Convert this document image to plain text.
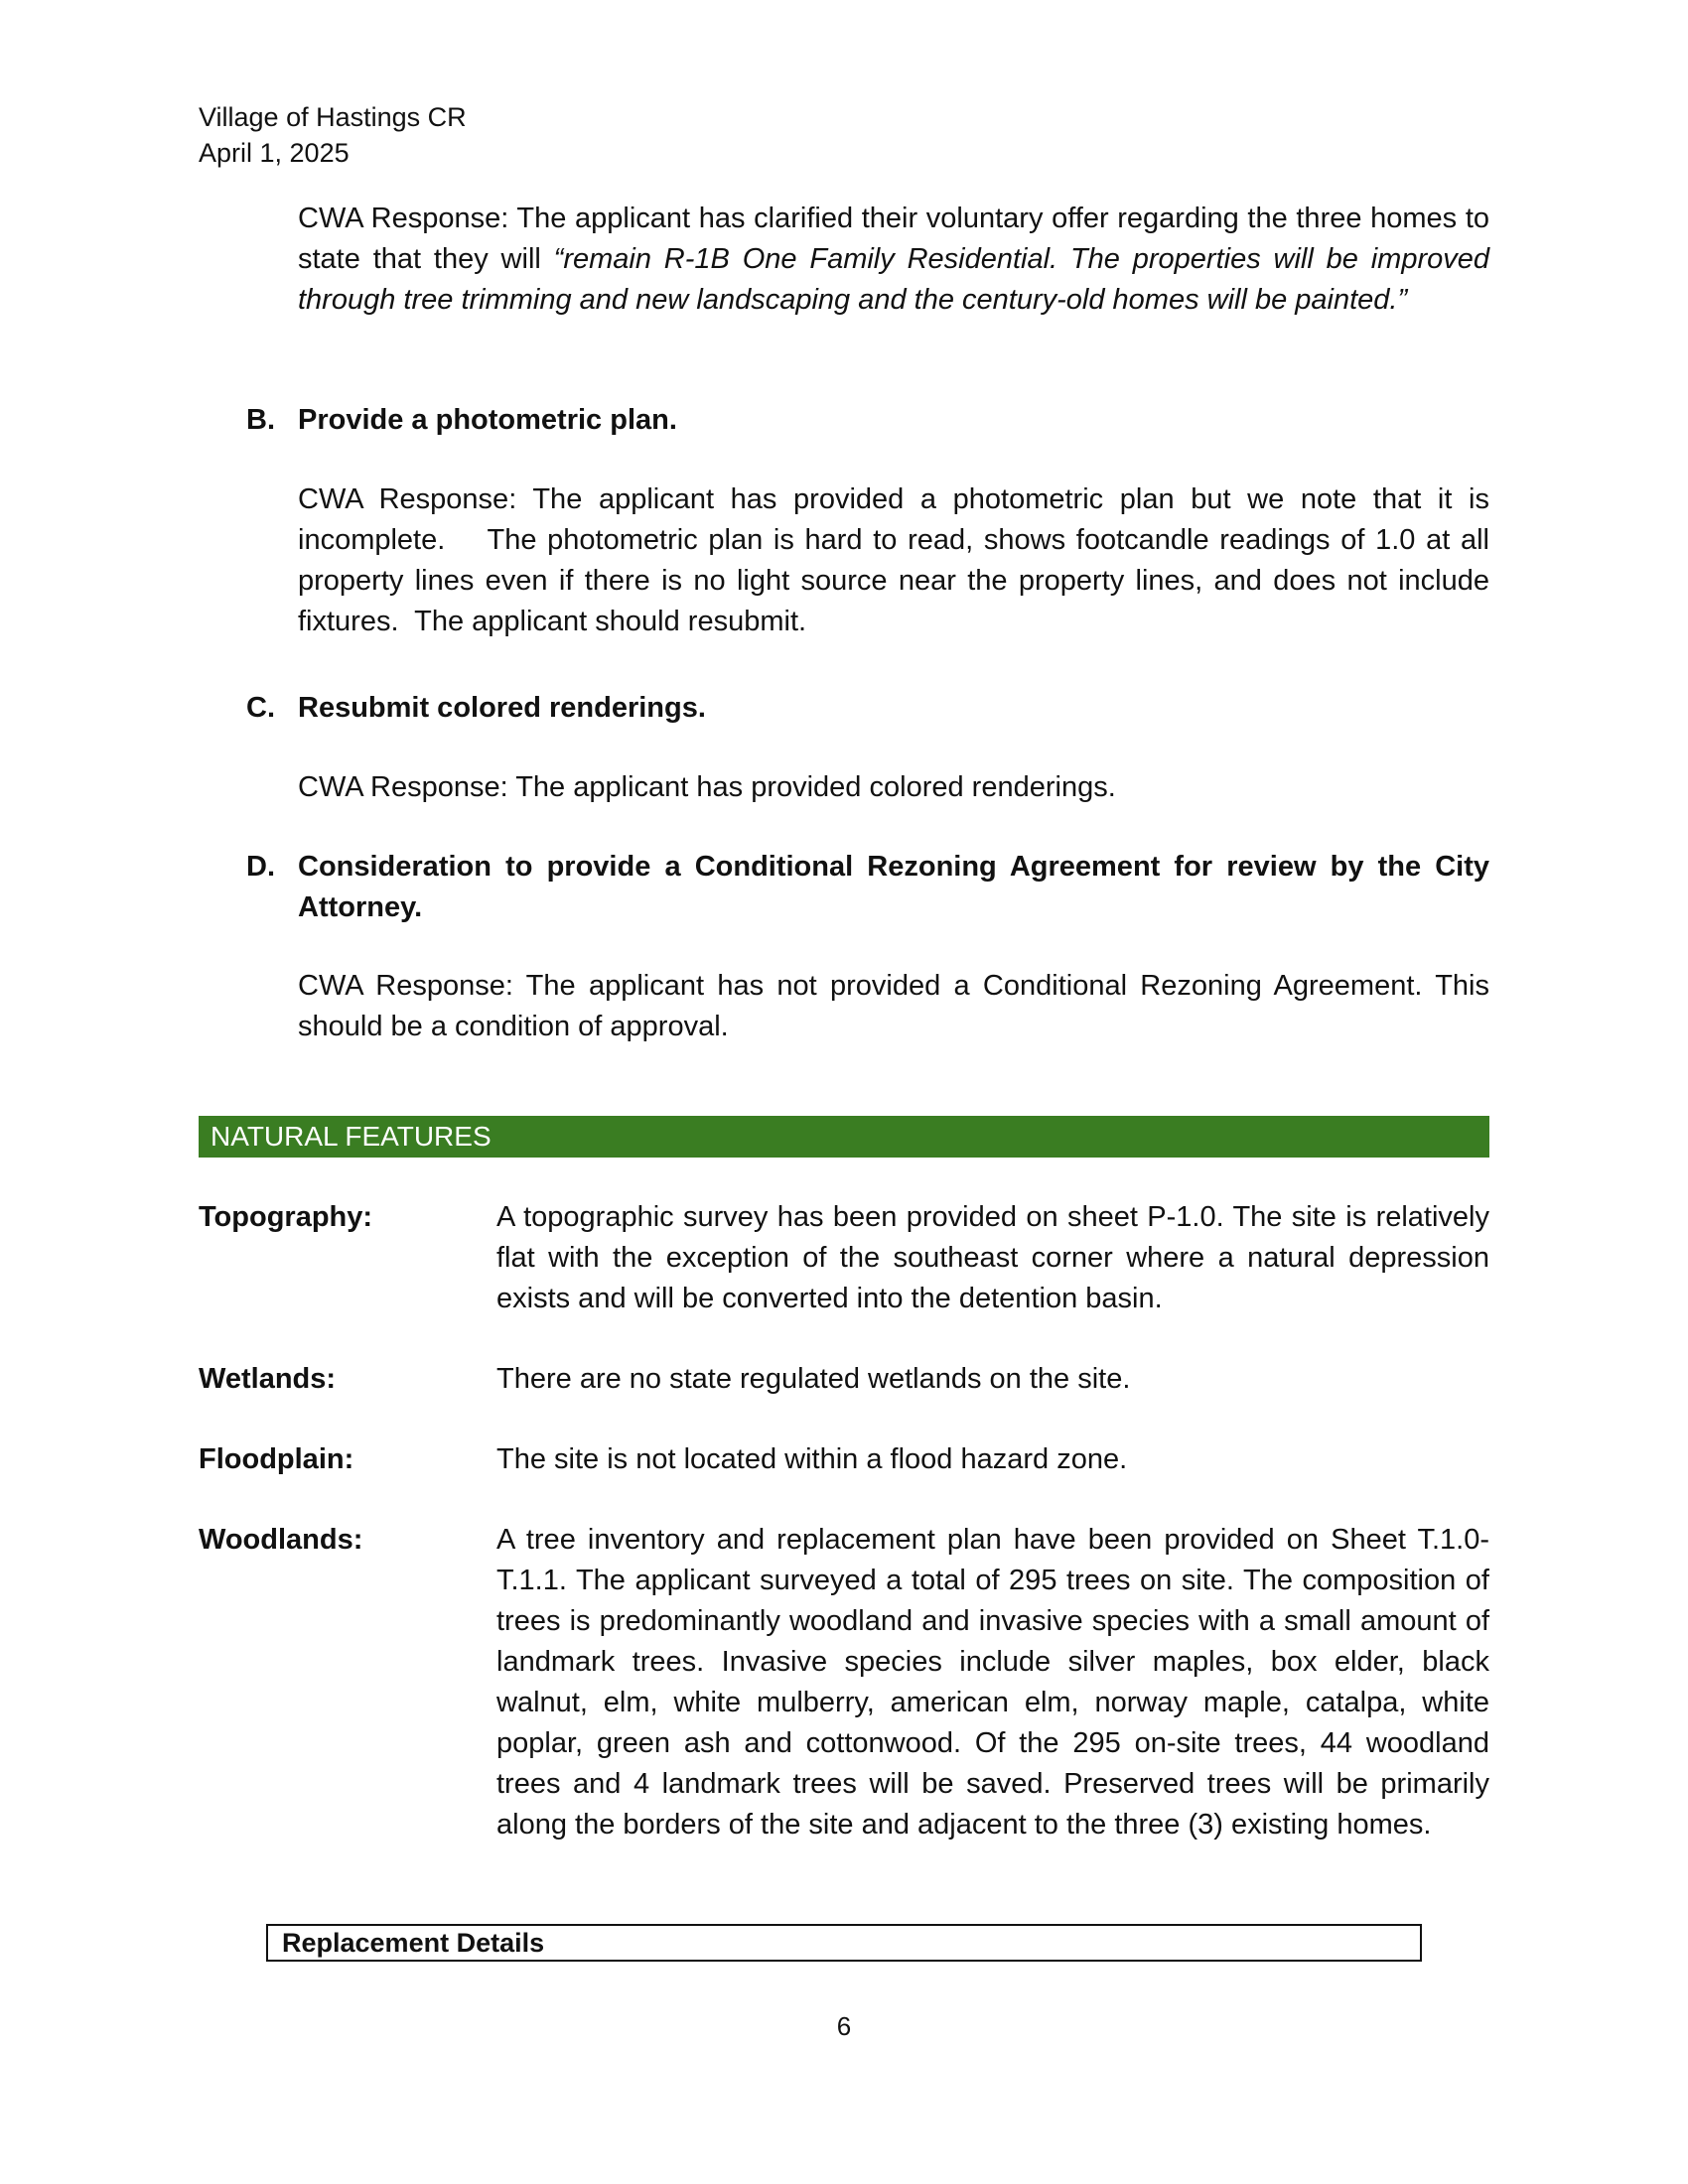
Village of Hastings CR
April 1, 2025

CWA Response: The applicant has clarified their voluntary offer regarding the three homes to state that they will “remain R-1B One Family Residential. The properties will be improved through tree trimming and new landscaping and the century-old homes will be painted.”

B. Provide a photometric plan.

CWA Response: The applicant has provided a photometric plan but we note that it is incomplete.    The photometric plan is hard to read, shows footcandle readings of 1.0 at all property lines even if there is no light source near the property lines, and does not include fixtures.  The applicant should resubmit.

C. Resubmit colored renderings.

CWA Response: The applicant has provided colored renderings.

D. Consideration to provide a Conditional Rezoning Agreement for review by the City Attorney.

CWA Response: The applicant has not provided a Conditional Rezoning Agreement. This should be a condition of approval.

NATURAL FEATURES
Topography:	A topographic survey has been provided on sheet P-1.0. The site is relatively flat with the exception of the southeast corner where a natural depression exists and will be converted into the detention basin.
Wetlands:	There are no state regulated wetlands on the site.
Floodplain:	The site is not located within a flood hazard zone.
Woodlands:	A tree inventory and replacement plan have been provided on Sheet T.1.0-T.1.1. The applicant surveyed a total of 295 trees on site. The composition of trees is predominantly woodland and invasive species with a small amount of landmark trees. Invasive species include silver maples, box elder, black walnut, elm, white mulberry, american elm, norway maple, catalpa, white poplar, green ash and cottonwood. Of the 295 on-site trees, 44 woodland trees and 4 landmark trees will be saved. Preserved trees will be primarily along the borders of the site and adjacent to the three (3) existing homes.
Replacement Details
6
